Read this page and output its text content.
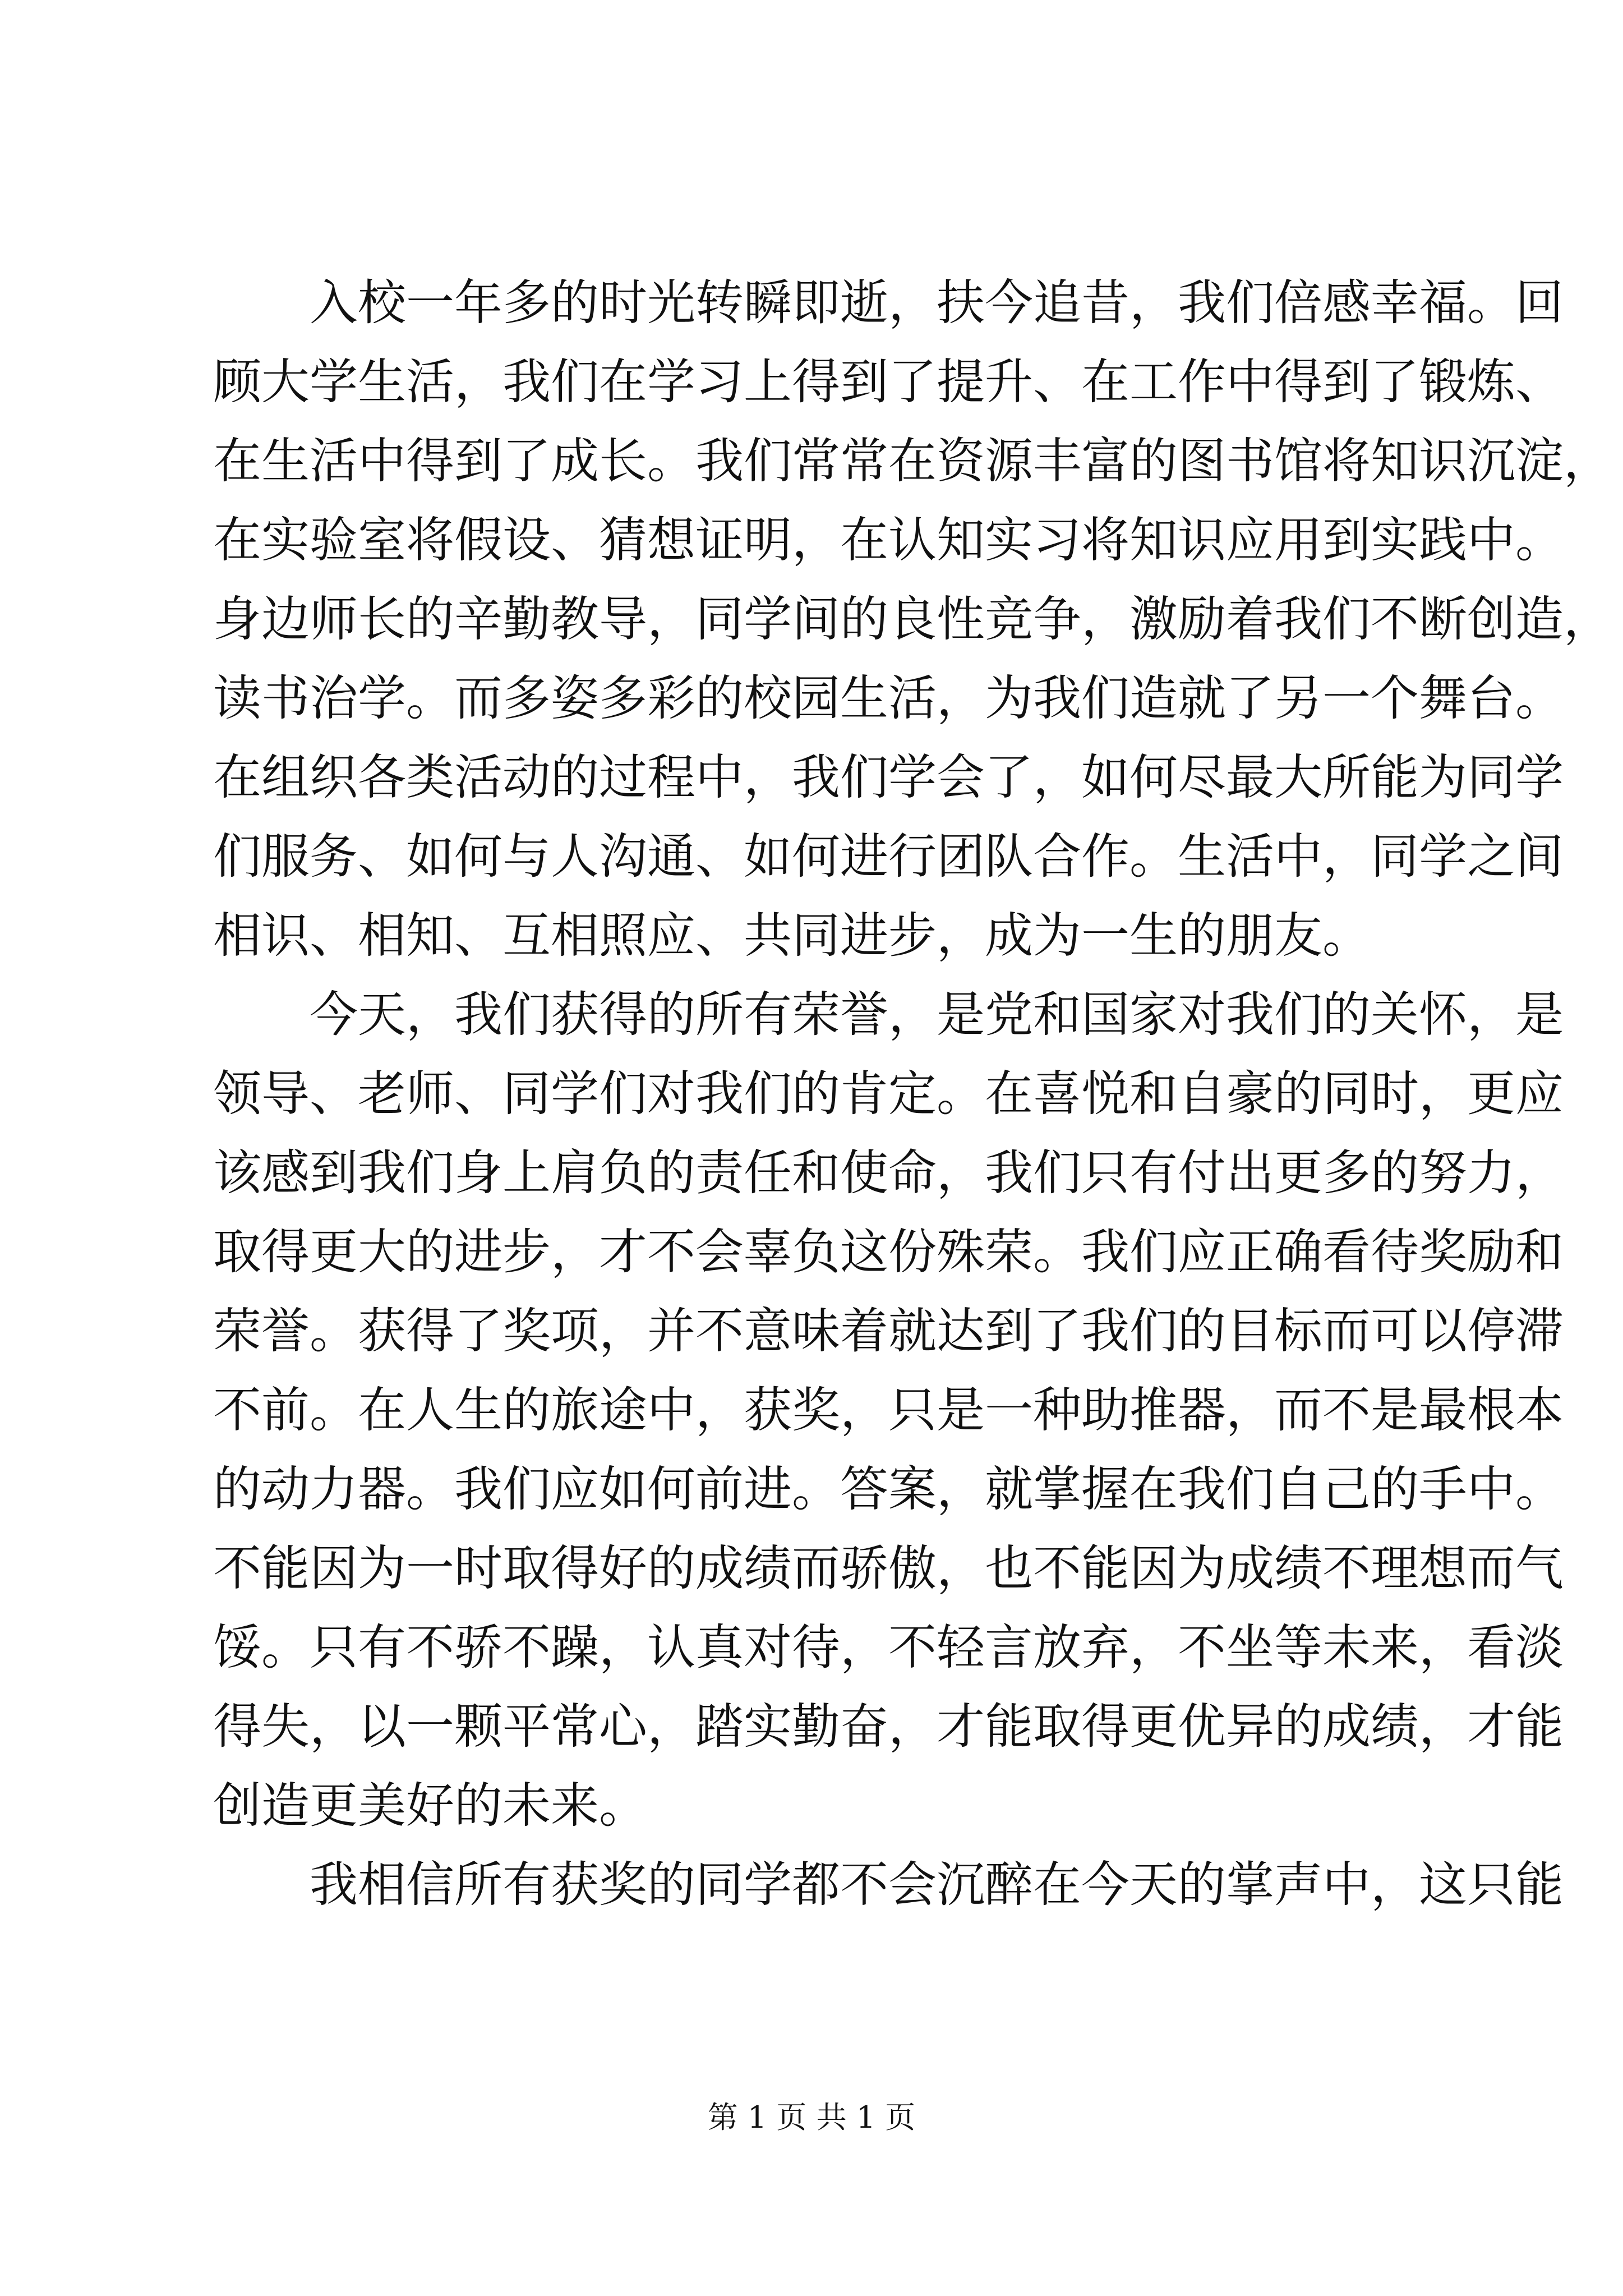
入校一年多的时光转瞬即逝，扶今追昔，我们倍感幸福。回
顾大学生活，我们在学习上得到了提升、在工作中得到了锻炼、
在生活中得到了成长。我们常常在资源丰富的图书馆将知识沉淀，
在实验室将假设、猜想证明，在认知实习将知识应用到实践中。
身边师长的辛勤教导，同学间的良性竞争，激励着我们不断创造，
读书治学。而多姿多彩的校园生活，为我们造就了另一个舞台。
在组织各类活动的过程中，我们学会了，如何尽最大所能为同学
们服务、如何与人沟通、如何进行团队合作。生活中，同学之间
相识、相知、互相照应、共同进步，成为一生的朋友。
今天，我们获得的所有荣誉，是党和国家对我们的关怀，是
领导、老师、同学们对我们的肯定。在喜悦和自豪的同时，更应
该感到我们身上肩负的责任和使命，我们只有付出更多的努力，
取得更大的进步，才不会辜负这份殊荣。我们应正确看待奖励和
荣誉。获得了奖项，并不意味着就达到了我们的目标而可以停滞
不前。在人生的旅途中，获奖，只是一种助推器，而不是最根本
的动力器。我们应如何前进。答案，就掌握在我们自己的手中。
不能因为一时取得好的成绩而骄傲，也不能因为成绩不理想而气
馁。只有不骄不躁，认真对待，不轻言放弃，不坐等未来，看淡
得失，以一颗平常心，踏实勤奋，才能取得更优异的成绩，才能
创造更美好的未来。
我相信所有获奖的同学都不会沉醉在今天的掌声中，这只能
第 1 页 共 1 页
